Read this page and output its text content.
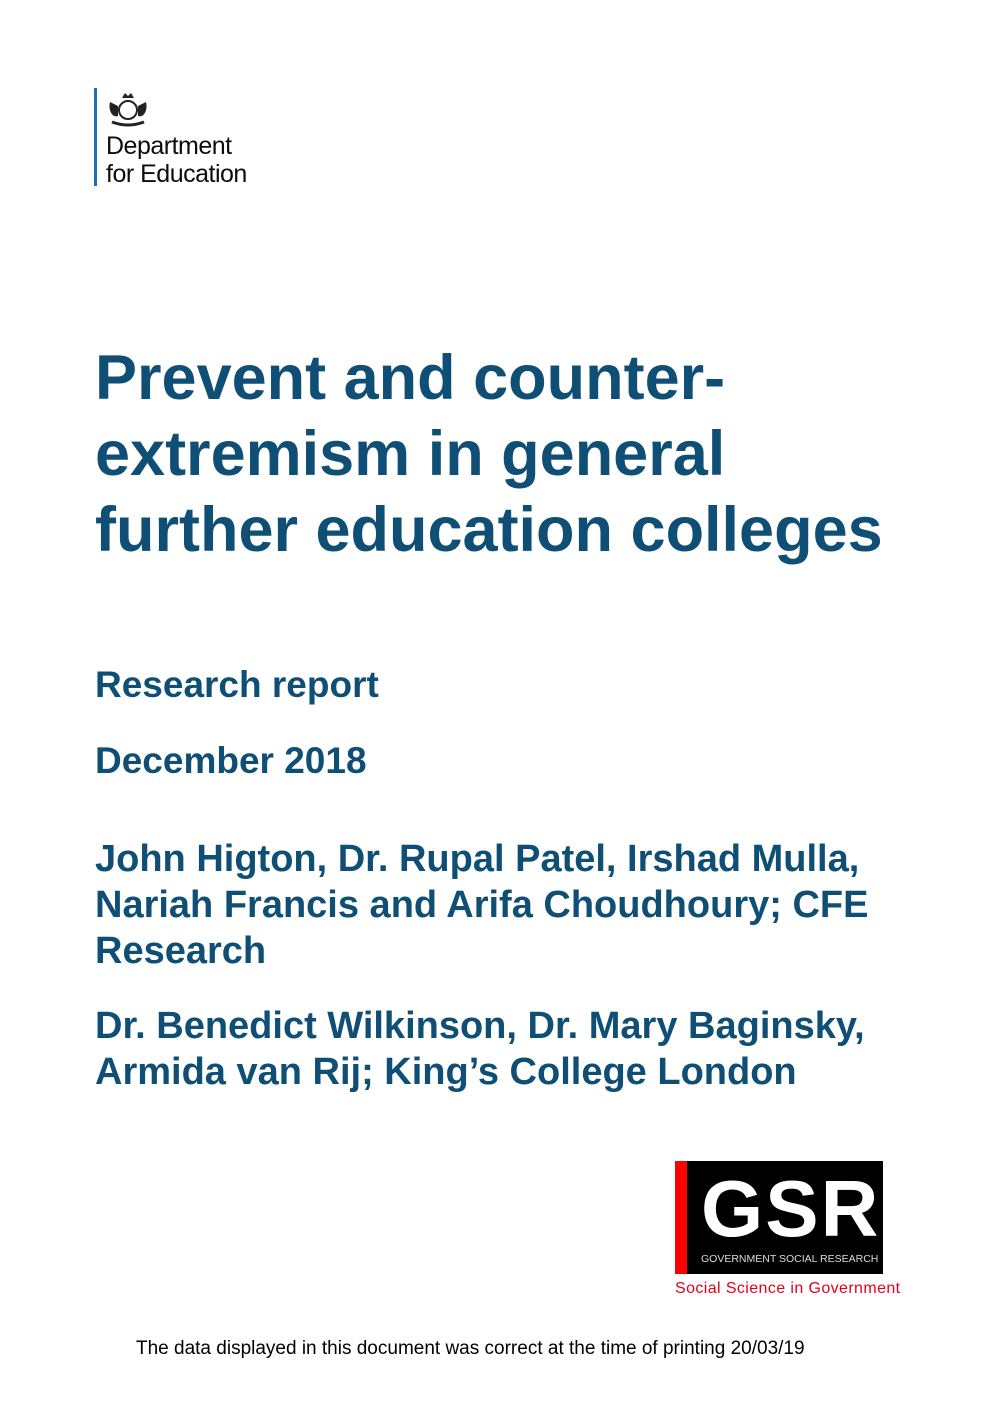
Department
for Education
Prevent and counter-extremism in general further education colleges
Research report
December 2018

John Higton, Dr. Rupal Patel, Irshad Mulla, Nariah Francis and Arifa Choudhoury; CFE Research

Dr. Benedict Wilkinson, Dr. Mary Baginsky, Armida van Rij; King’s College London

GSR
GOVERNMENT SOCIAL RESEARCH
Social Science in Government
The data displayed in this document was correct at the time of printing 20/03/19
